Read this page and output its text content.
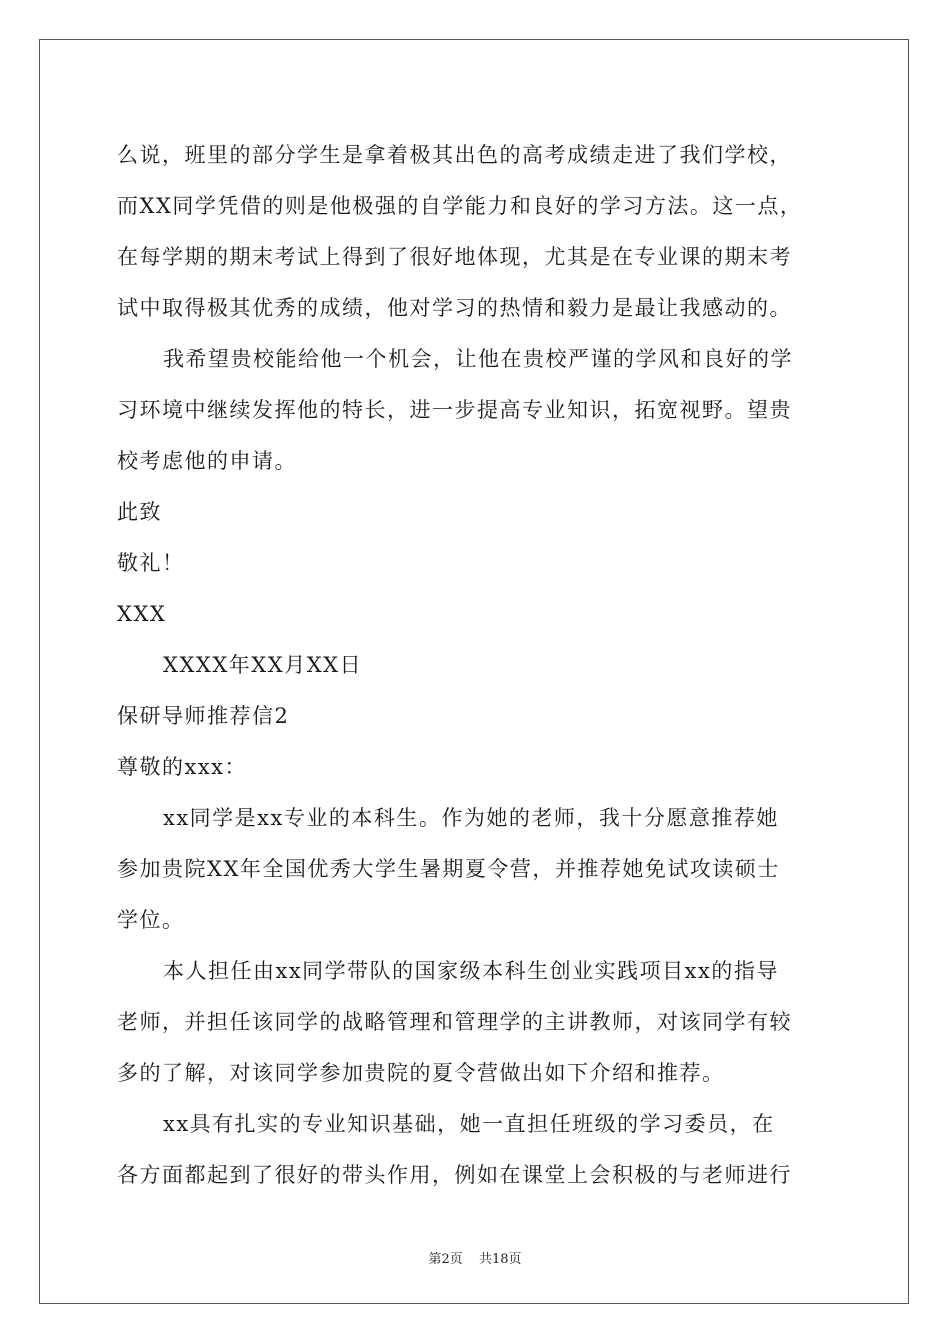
么说，班里的部分学生是拿着极其出色的高考成绩走进了我们学校，
而XX同学凭借的则是他极强的自学能力和良好的学习方法。这一点，
在每学期的期末考试上得到了很好地体现，尤其是在专业课的期末考
试中取得极其优秀的成绩，他对学习的热情和毅力是最让我感动的。
我希望贵校能给他一个机会，让他在贵校严谨的学风和良好的学
习环境中继续发挥他的特长，进一步提高专业知识，拓宽视野。望贵
校考虑他的申请。
此致
敬礼！
XXX
XXXX年XX月XX日
保研导师推荐信2
尊敬的xxx：
xx同学是xx专业的本科生。作为她的老师，我十分愿意推荐她
参加贵院XX年全国优秀大学生暑期夏令营，并推荐她免试攻读硕士
学位。
本人担任由xx同学带队的国家级本科生创业实践项目xx的指导
老师，并担任该同学的战略管理和管理学的主讲教师，对该同学有较
多的了解，对该同学参加贵院的夏令营做出如下介绍和推荐。
xx具有扎实的专业知识基础，她一直担任班级的学习委员，在
各方面都起到了很好的带头作用，例如在课堂上会积极的与老师进行
第2页 共18页
